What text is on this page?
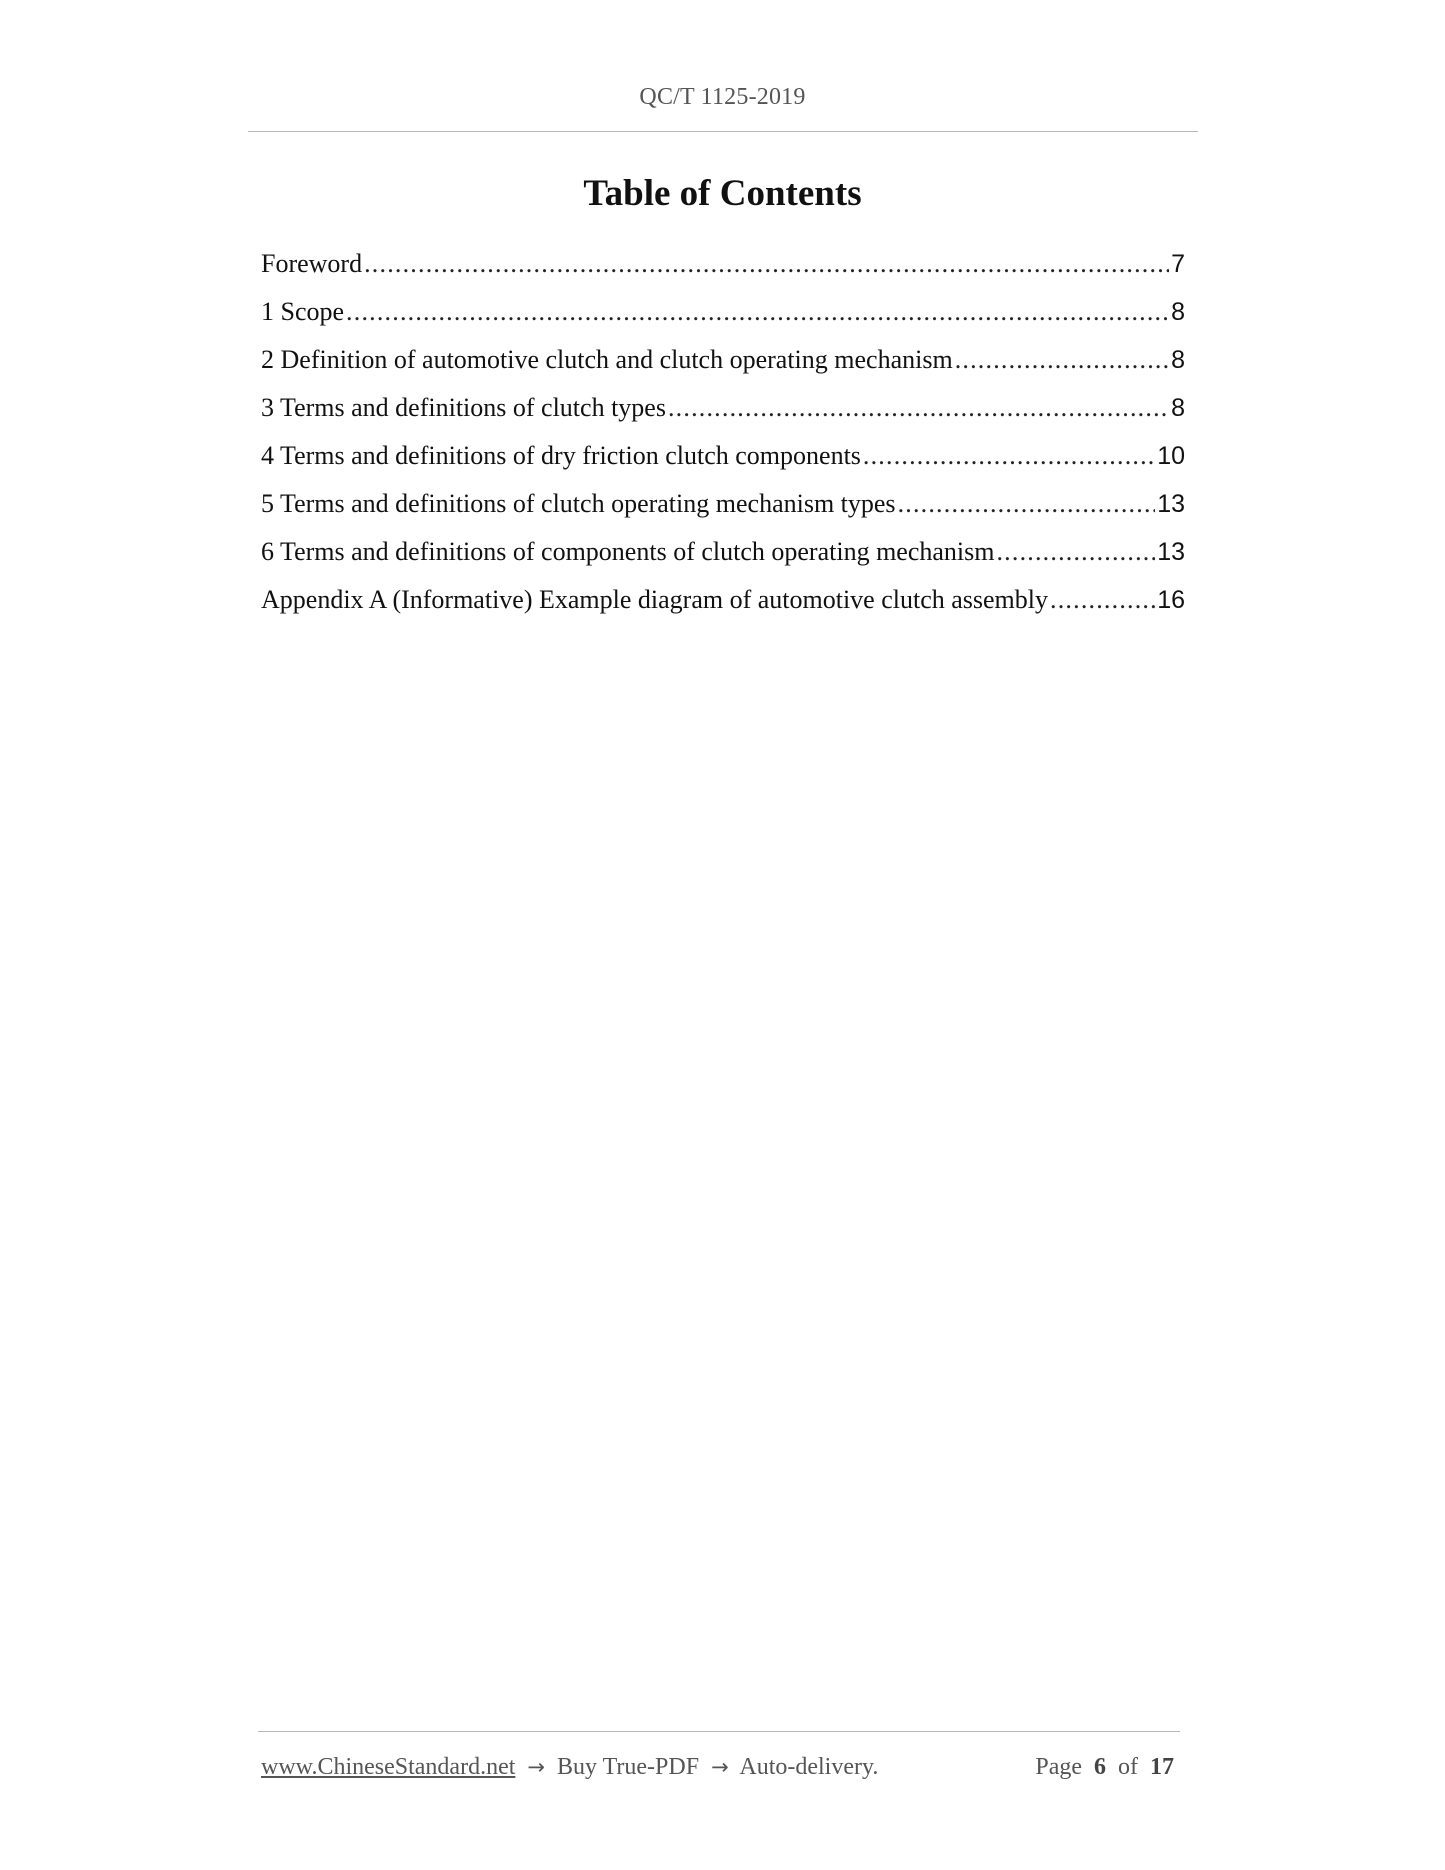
QC/T 1125-2019
Table of Contents
Foreword .....	7
1 Scope .....	8
2 Definition of automotive clutch and clutch operating mechanism .....	8
3 Terms and definitions of clutch types .....	8
4 Terms and definitions of dry friction clutch components .....	10
5 Terms and definitions of clutch operating mechanism types .....	13
6 Terms and definitions of components of clutch operating mechanism .....	13
Appendix A (Informative) Example diagram of automotive clutch assembly .....	16
www.ChineseStandard.net → Buy True-PDF → Auto-delivery.	Page 6 of 17
